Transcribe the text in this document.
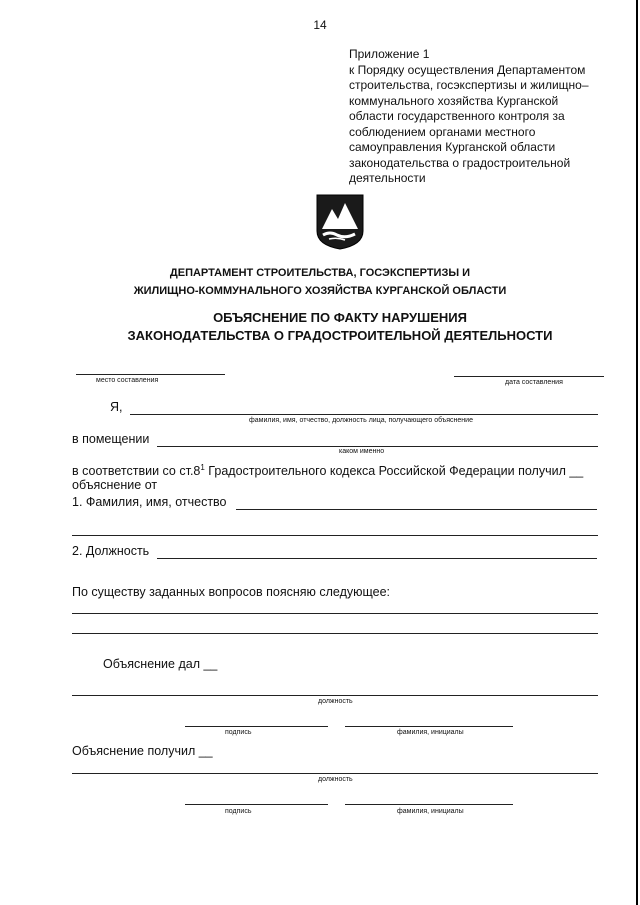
14
Приложение 1
к Порядку осуществления Департаментом
строительства, госэкспертизы и жилищно–
коммунального хозяйства Курганской
области государственного контроля за
соблюдением органами местного
самоуправления Курганской области
законодательства о градостроительной
деятельности
ДЕПАРТАМЕНТ СТРОИТЕЛЬСТВА, ГОСЭКСПЕРТИЗЫ И
ЖИЛИЩНО-КОММУНАЛЬНОГО ХОЗЯЙСТВА КУРГАНСКОЙ ОБЛАСТИ
ОБЪЯСНЕНИЕ ПО ФАКТУ НАРУШЕНИЯ
ЗАКОНОДАТЕЛЬСТВА О ГРАДОСТРОИТЕЛЬНОЙ ДЕЯТЕЛЬНОСТИ
место составления	дата составления
Я,
фамилия, имя, отчество, должность лица, получающего объяснение
в помещении
каком именно
в соответствии со $ст.8^1$ Градостроительного кодекса Российской Федерации получил __
объяснение от
1. Фамилия, имя, отчество
2. Должность
По существу заданных вопросов поясняю следующее:
Объяснение дал __
должность
подпись	фамилия, инициалы
Объяснение получил __
должность
подпись	фамилия, инициалы
